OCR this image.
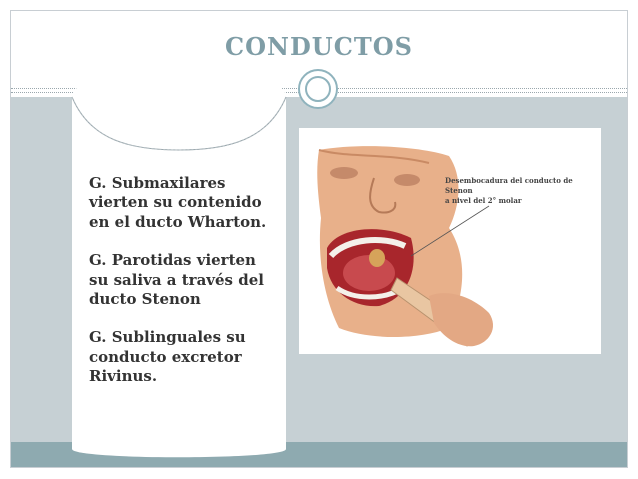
CONDUCTOS

G. Submaxilares vierten su contenido en el ducto Wharton.

G. Parotidas vierten su saliva a través del ducto Stenon

G. Sublinguales su conducto excretor Rivinus.

Desembocadura del conducto de Stenon
a nivel del 2° molar
